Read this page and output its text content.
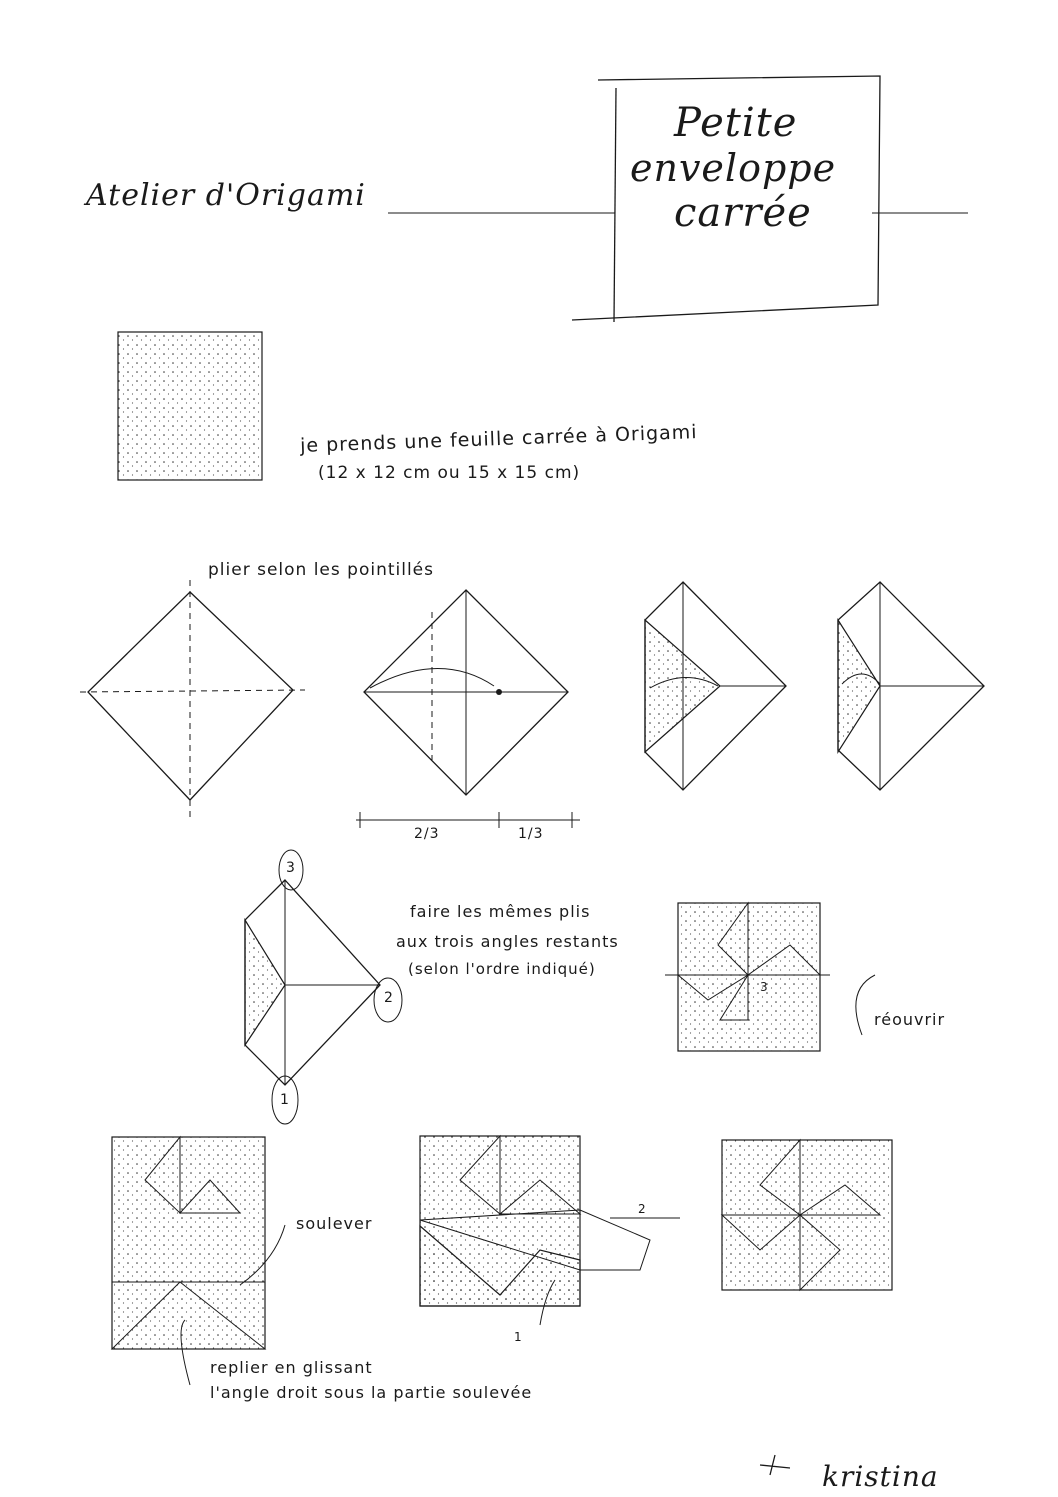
Atelier d'Origami
Petite
enveloppe
carrée
je prends une feuille carrée à Origami
(12 x 12 cm ou 15 x 15 cm)
plier selon les pointillés
2/3	1/3
3
2
1
faire les mêmes plis
aux trois angles restants
(selon l'ordre indiqué)
3
réouvrir
soulever
2
1
replier en glissant
l'angle droit sous la partie soulevée
kristina
